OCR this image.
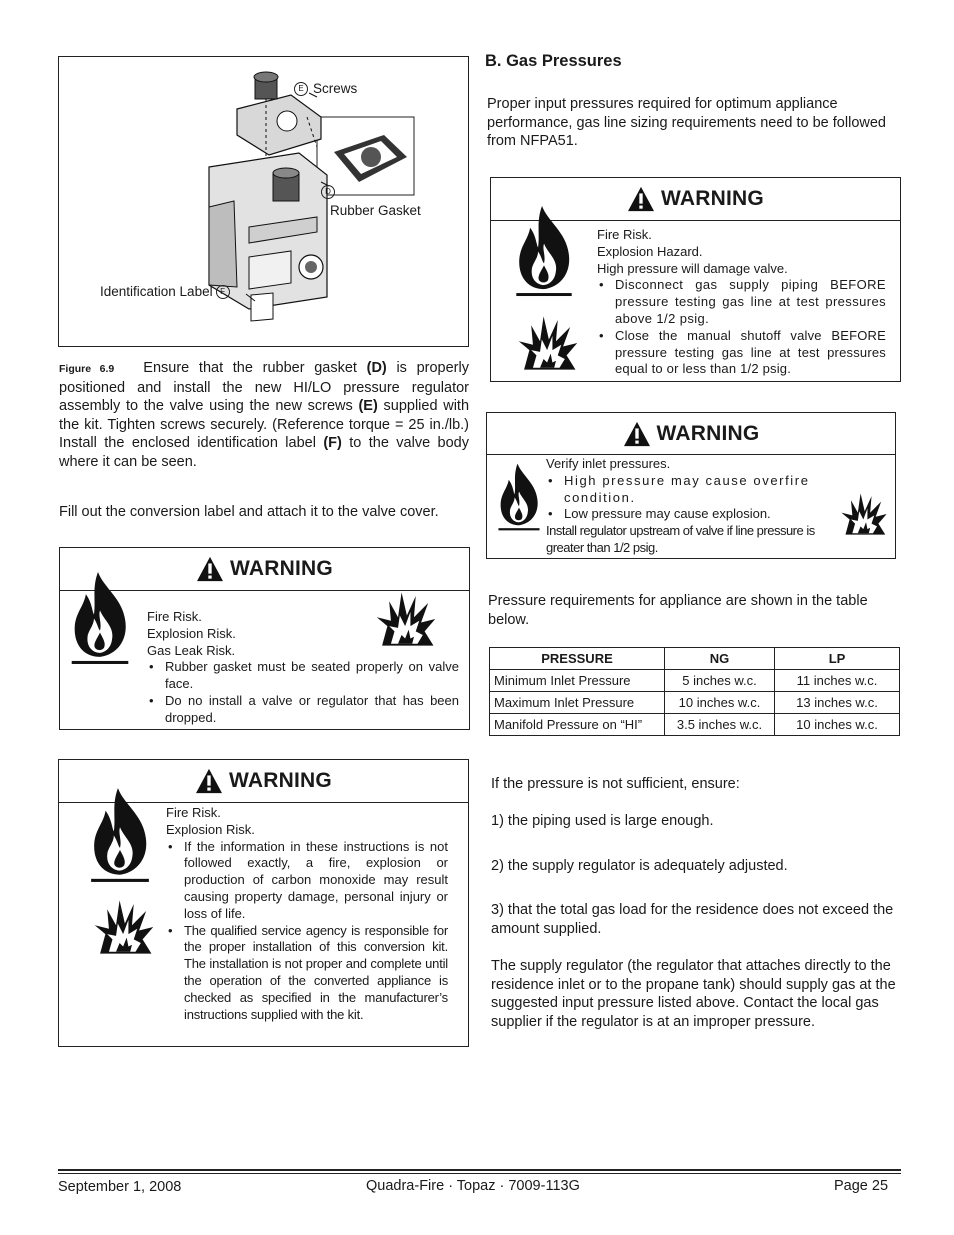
E Screws
D
Rubber Gasket
Identification Label F
Figure 6.9 Ensure that the rubber gasket (D) is properly positioned and install the new HI/LO pressure regulator assembly to the valve using the new screws (E) supplied with the kit. Tighten screws securely. (Reference torque = 25 in./lb.) Install the enclosed identification label (F) to the valve body where it can be seen.
Fill out the conversion label and attach it to the valve cover.
WARNING
Fire Risk.
Explosion Risk.
Gas Leak Risk.
• Rubber gasket must be seated properly on valve face.
• Do no install a valve or regulator that has been dropped.
WARNING
Fire Risk.
Explosion Risk.
• If the information in these instructions is not followed exactly, a fire, explosion or production of carbon monoxide may result causing property damage, personal injury or loss of life.
• The qualified service agency is responsible for the proper installation of this conversion kit. The installation is not proper and complete until the operation of the converted appliance is checked as specified in the manufacturer’s instructions supplied with the kit.
B. Gas Pressures
Proper input pressures required for optimum appliance performance, gas line sizing requirements need to be followed from NFPA51.
WARNING
Fire Risk.
Explosion Hazard.
High pressure will damage valve.
• Disconnect gas supply piping BEFORE pressure testing gas line at test pressures above 1/2 psig.
• Close the manual shutoff valve BEFORE pressure testing gas line at test pressures equal to or less than 1/2 psig.
WARNING
Verify inlet pressures.
• High pressure may cause overfire condition.
• Low pressure may cause explosion.
Install regulator upstream of valve if line pressure is greater than 1/2 psig.
Pressure requirements for appliance are shown in the table below.
PRESSURE	NG	LP
Minimum Inlet Pressure	5 inches w.c.	11 inches w.c.
Maximum Inlet Pressure	10 inches w.c.	13 inches w.c.
Manifold Pressure on “HI”	3.5 inches w.c.	10 inches w.c.
If the pressure is not sufficient, ensure:
1) the piping used is large enough.
2) the supply regulator is adequately adjusted.
3) that the total gas load for the residence does not exceed the amount supplied.
The supply regulator (the regulator that attaches directly to the residence inlet or to the propane tank) should supply gas at the suggested input pressure listed above. Contact the local gas supplier if the regulator is at an improper pressure.
September 1, 2008	Quadra-Fire · Topaz · 7009-113G	Page 25
